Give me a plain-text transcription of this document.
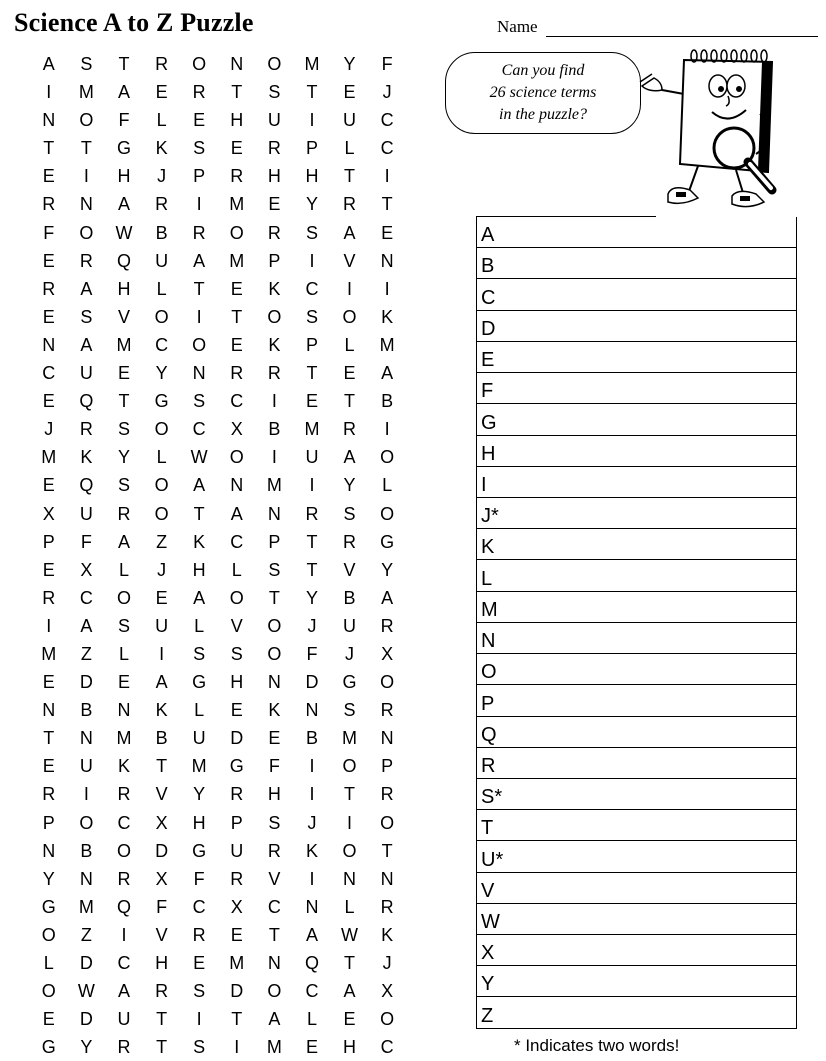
Science A to Z Puzzle	Name
A	S	T	R	O	N	O	M	Y	F
I	M	A	E	R	T	S	T	E	J
N	O	F	L	E	H	U	I	U	C
T	T	G	K	S	E	R	P	L	C
E	I	H	J	P	R	H	H	T	I
R	N	A	R	I	M	E	Y	R	T
F	O	W	B	R	O	R	S	A	E
E	R	Q	U	A	M	P	I	V	N
R	A	H	L	T	E	K	C	I	I
E	S	V	O	I	T	O	S	O	K
N	A	M	C	O	E	K	P	L	M
C	U	E	Y	N	R	R	T	E	A
E	Q	T	G	S	C	I	E	T	B
J	R	S	O	C	X	B	M	R	I
M	K	Y	L	W	O	I	U	A	O
E	Q	S	O	A	N	M	I	Y	L
X	U	R	O	T	A	N	R	S	O
P	F	A	Z	K	C	P	T	R	G
E	X	L	J	H	L	S	T	V	Y
R	C	O	E	A	O	T	Y	B	A
I	A	S	U	L	V	O	J	U	R
M	Z	L	I	S	S	O	F	J	X
E	D	E	A	G	H	N	D	G	O
N	B	N	K	L	E	K	N	S	R
T	N	M	B	U	D	E	B	M	N
E	U	K	T	M	G	F	I	O	P
R	I	R	V	Y	R	H	I	T	R
P	O	C	X	H	P	S	J	I	O
N	B	O	D	G	U	R	K	O	T
Y	N	R	X	F	R	V	I	N	N
G	M	Q	F	C	X	C	N	L	R
O	Z	I	V	R	E	T	A	W	K
L	D	C	H	E	M	N	Q	T	J
O	W	A	R	S	D	O	C	A	X
E	D	U	T	I	T	A	L	E	O
G	Y	R	T	S	I	M	E	H	C
Can you find
26 science terms
in the puzzle?
A
B
C
D
E
F
G
H
I
J*
K
L
M
N
O
P
Q
R
S*
T
U*
V
W
X
Y
Z
* Indicates two words!
